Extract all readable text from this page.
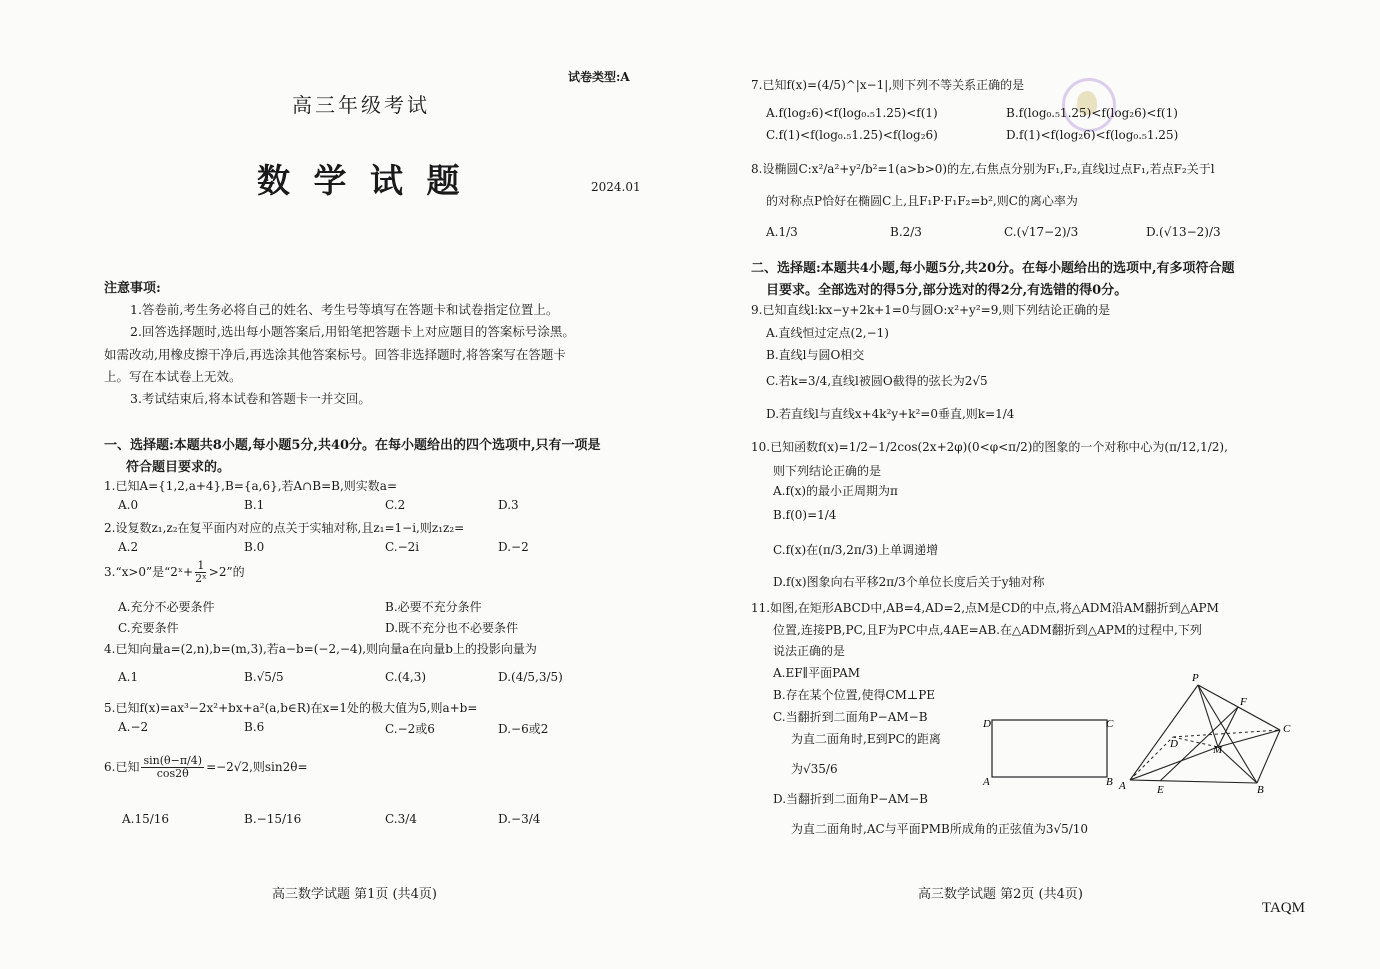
试卷类型:A
高三年级考试
数 学 试 题	2024.01
注意事项:
1.答卷前,考生务必将自己的姓名、考生号等填写在答题卡和试卷指定位置上。
2.回答选择题时,选出每小题答案后,用铅笔把答题卡上对应题目的答案标号涂黑。
如需改动,用橡皮擦干净后,再选涂其他答案标号。回答非选择题时,将答案写在答题卡
上。写在本试卷上无效。
3.考试结束后,将本试卷和答题卡一并交回。
一、选择题:本题共8小题,每小题5分,共40分。在每小题给出的四个选项中,只有一项是
符合题目要求的。
1.已知A={1,2,a+4},B={a,6},若A∩B=B,则实数a=
A.0	B.1	C.2	D.3
2.设复数z₁,z₂在复平面内对应的点关于实轴对称,且z₁=1−i,则z₁z₂=
A.2	B.0	C.−2i	D.−2
3.“x>0”是“2ˣ+ $\frac{1}{\text{2ˣ}} >2$”的
A.充分不必要条件	B.必要不充分条件
C.充要条件	D.既不充分也不必要条件
4.已知向量a=(2,n),b=(m,3),若a−b=(−2,−4),则向量a在向量b上的投影向量为
A.1	B.√5/5	C.(4,3)	D.(4/5,3/5)
5.已知f(x)=ax³−2x²+bx+a²(a,b∈R)在x=1处的极大值为5,则a+b=
A.−2	B.6	C.−2或6	D.−6或2
6.已知 $\frac{\sin(\theta-\pi/4)}{\cos 2\theta} =-2√2$,则sin2θ=
A.15/16	B.−15/16	C.3/4	D.−3/4
高三数学试题 第1页 (共4页)
7.已知f(x)=(4/5)^|x−1|,则下列不等关系正确的是
A.f(log₂6)<f(log₀.₅1.25)<f(1)	B.f(log₀.₅1.25)<f(log₂6)<f(1)
C.f(1)<f(log₀.₅1.25)<f(log₂6)	D.f(1)<f(log₂6)<f(log₀.₅1.25)
8.设椭圆C:x²/a²+y²/b²=1(a>b>0)的左,右焦点分别为F₁,F₂,直线l过点F₁,若点F₂关于l
的对称点P恰好在椭圆C上,且F₁P·F₁F₂=b²,则C的离心率为
A.1/3	B.2/3	C.(√17−2)/3	D.(√13−2)/3
二、选择题:本题共4小题,每小题5分,共20分。在每小题给出的选项中,有多项符合题
目要求。全部选对的得5分,部分选对的得2分,有选错的得0分。
9.已知直线l:kx−y+2k+1=0与圆O:x²+y²=9,则下列结论正确的是
A.直线恒过定点(2,−1)
B.直线l与圆O相交
C.若k=3/4,直线l被圆O截得的弦长为2√5
D.若直线l与直线x+4k²y+k²=0垂直,则k=1/4
10.已知函数f(x)=1/2−1/2cos(2x+2φ)(0<φ<π/2)的图象的一个对称中心为(π/12,1/2),
则下列结论正确的是
A.f(x)的最小正周期为π
B.f(0)=1/4
C.f(x)在(π/3,2π/3)上单调递增
D.f(x)图象向右平移2π/3个单位长度后关于y轴对称
11.如图,在矩形ABCD中,AB=4,AD=2,点M是CD的中点,将△ADM沿AM翻折到△APM
位置,连接PB,PC,且F为PC中点,4AE=AB.在△ADM翻折到△APM的过程中,下列
说法正确的是
A.EF∥平面PAM
B.存在某个位置,使得CM⊥PE
C.当翻折到二面角P−AM−B
为直二面角时,E到PC的距离
为√35/6
D.当翻折到二面角P−AM−B
为直二面角时,AC与平面PMB所成角的正弦值为3√5/10
D	C
A	B
P
F
C
D	M
A	E	B
高三数学试题 第2页 (共4页)
TAQM
